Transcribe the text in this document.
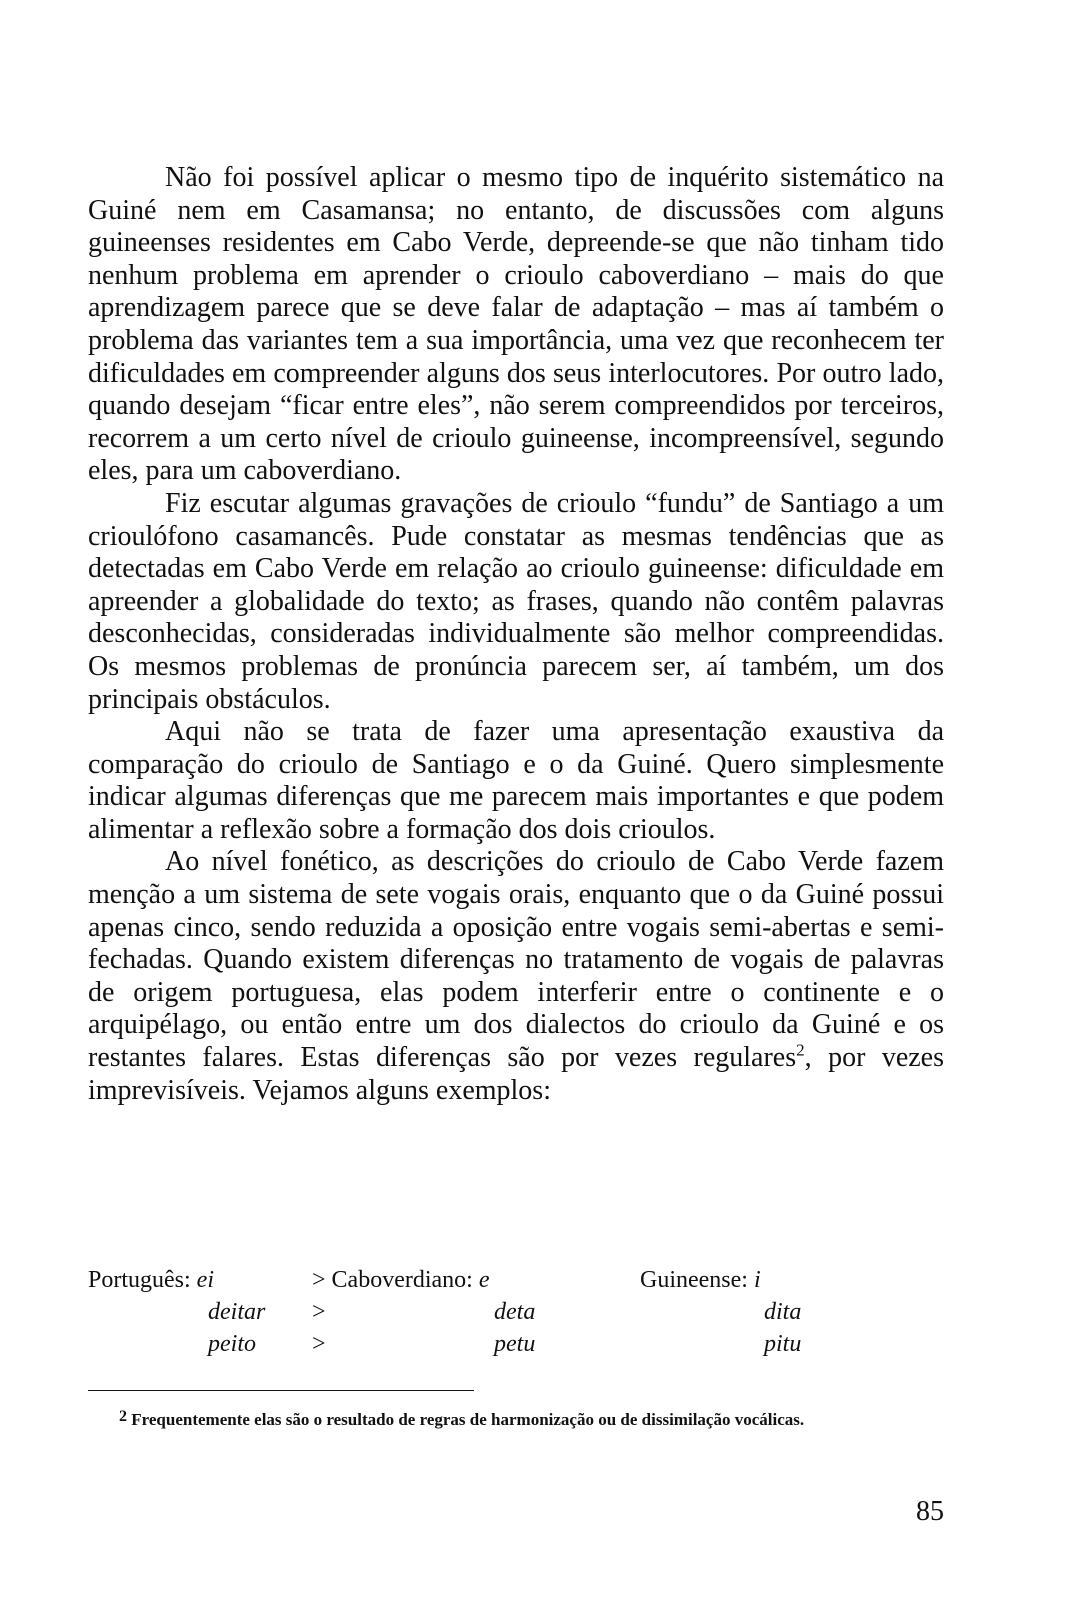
Não foi possível aplicar o mesmo tipo de inquérito sistemático na Guiné nem em Casamansa; no entanto, de discussões com alguns guineenses residentes em Cabo Verde, depreende-se que não tinham tido nenhum problema em aprender o crioulo caboverdiano – mais do que aprendizagem parece que se deve falar de adaptação – mas aí também o problema das variantes tem a sua importância, uma vez que reconhecem ter dificuldades em compreender alguns dos seus interlocutores. Por outro lado, quando desejam “ficar entre eles”, não serem compreendidos por terceiros, recorrem a um certo nível de crioulo guineense, incompreensível, segundo eles, para um caboverdiano.

Fiz escutar algumas gravações de crioulo “fundu” de Santiago a um crioulófono casamancês. Pude constatar as mesmas tendências que as detectadas em Cabo Verde em relação ao crioulo guineense: dificuldade em apreender a globalidade do texto; as frases, quando não contêm palavras desconhecidas, consideradas individualmente são melhor compreendidas. Os mesmos problemas de pronúncia parecem ser, aí também, um dos principais obstáculos.

Aqui não se trata de fazer uma apresentação exaustiva da comparação do crioulo de Santiago e o da Guiné. Quero simplesmente indicar algumas diferenças que me parecem mais importantes e que podem alimentar a reflexão sobre a formação dos dois crioulos.

Ao nível fonético, as descrições do crioulo de Cabo Verde fazem menção a um sistema de sete vogais orais, enquanto que o da Guiné possui apenas cinco, sendo reduzida a oposição entre vogais semi-abertas e semi-fechadas. Quando existem diferenças no tratamento de vogais de palavras de origem portuguesa, elas podem interferir entre o continente e o arquipélago, ou então entre um dos dialectos do crioulo da Guiné e os restantes falares. Estas diferenças são por vezes regulares$^2$, por vezes imprevisíveis. Vejamos alguns exemplos:

Português: ei	> Caboverdiano: e	Guineense: i
deitar >	deta	dita
peito >	petu	pitu
$^2$ Frequentemente elas são o resultado de regras de harmonização ou de dissimilação vocálicas.
85
